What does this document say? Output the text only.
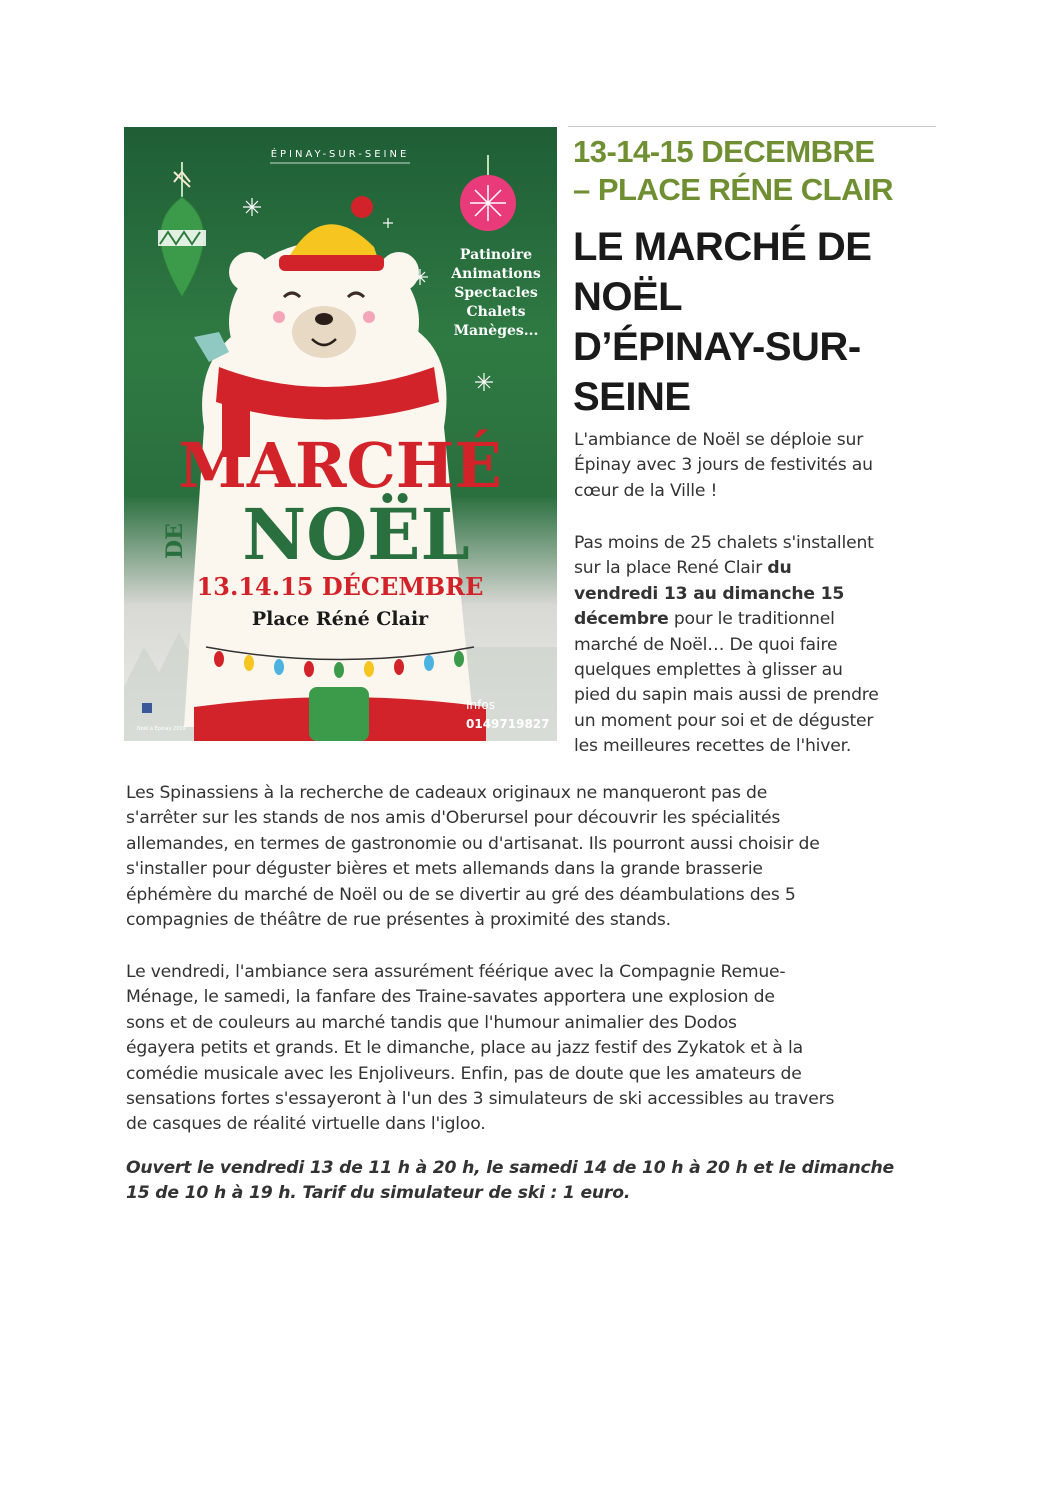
MARCHÉ
DE NOËL
13.14.15 DÉCEMBRE
Place Réné Clair
ÉPINAY-SUR-SEINE
Patinoire
Animations
Spectacles
Chalets
Manèges...
Infos
0149719827
Noël à Épinay 2019
13-14-15 DECEMBRE
– PLACE RÉNE CLAIR
LE MARCHÉ DE
NOËL
D’ÉPINAY-SUR-
SEINE

L'ambiance de Noël se déploie sur
Épinay avec 3 jours de festivités au
cœur de la Ville !

Pas moins de 25 chalets s'installent
sur la place René Clair du
vendredi 13 au dimanche 15
décembre pour le traditionnel
marché de Noël… De quoi faire
quelques emplettes à glisser au
pied du sapin mais aussi de prendre
un moment pour soi et de déguster
les meilleures recettes de l'hiver.

Les Spinassiens à la recherche de cadeaux originaux ne manqueront pas de
s'arrêter sur les stands de nos amis d'Oberursel pour découvrir les spécialités
allemandes, en termes de gastronomie ou d'artisanat. Ils pourront aussi choisir de
s'installer pour déguster bières et mets allemands dans la grande brasserie
éphémère du marché de Noël ou de se divertir au gré des déambulations des 5
compagnies de théâtre de rue présentes à proximité des stands.

Le vendredi, l'ambiance sera assurément féérique avec la Compagnie Remue-
Ménage, le samedi, la fanfare des Traine-savates apportera une explosion de
sons et de couleurs au marché tandis que l'humour animalier des Dodos
égayera petits et grands. Et le dimanche, place au jazz festif des Zykatok et à la
comédie musicale avec les Enjoliveurs. Enfin, pas de doute que les amateurs de
sensations fortes s'essayeront à l'un des 3 simulateurs de ski accessibles au travers
de casques de réalité virtuelle dans l'igloo.

Ouvert le vendredi 13 de 11 h à 20 h, le samedi 14 de 10 h à 20 h et le dimanche
15 de 10 h à 19 h. Tarif du simulateur de ski : 1 euro.
